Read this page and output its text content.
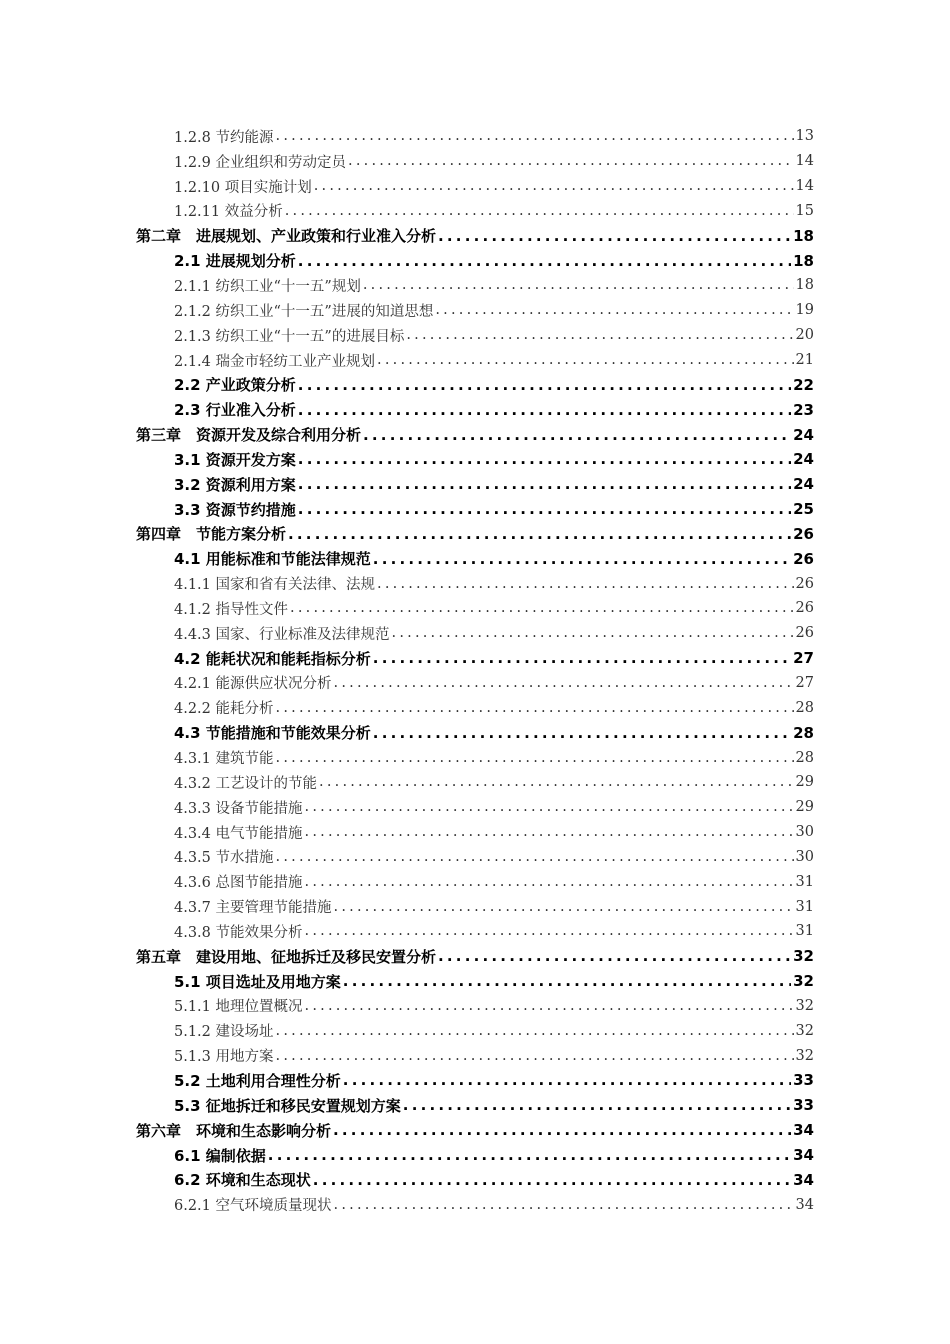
1.2.8 节约能源 .....	13
1.2.9 企业组织和劳动定员 .....	14
1.2.10 项目实施计划 .....	14
1.2.11 效益分析 .....	15
第二章　进展规划、产业政策和行业准入分析 .....	18
2.1 进展规划分析 .....	18
2.1.1 纺织工业“十一五”规划 .....	18
2.1.2 纺织工业“十一五”进展的知道思想 .....	19
2.1.3 纺织工业“十一五”的进展目标 .....	20
2.1.4 瑞金市轻纺工业产业规划 .....	21
2.2 产业政策分析 .....	22
2.3 行业准入分析 .....	23
第三章　资源开发及综合利用分析 .....	24
3.1 资源开发方案 .....	24
3.2 资源利用方案 .....	24
3.3 资源节约措施 .....	25
第四章　节能方案分析 .....	26
4.1 用能标准和节能法律规范 .....	26
4.1.1 国家和省有关法律、法规 .....	26
4.1.2 指导性文件 .....	26
4.4.3 国家、行业标准及法律规范 .....	26
4.2 能耗状况和能耗指标分析 .....	27
4.2.1 能源供应状况分析 .....	27
4.2.2 能耗分析 .....	28
4.3 节能措施和节能效果分析 .....	28
4.3.1 建筑节能 .....	28
4.3.2 工艺设计的节能 .....	29
4.3.3 设备节能措施 .....	29
4.3.4 电气节能措施 .....	30
4.3.5 节水措施 .....	30
4.3.6 总图节能措施 .....	31
4.3.7 主要管理节能措施 .....	31
4.3.8 节能效果分析 .....	31
第五章　建设用地、征地拆迁及移民安置分析 .....	32
5.1 项目选址及用地方案 .....	32
5.1.1 地理位置概况 .....	32
5.1.2 建设场址 .....	32
5.1.3 用地方案 .....	32
5.2 土地利用合理性分析 .....	33
5.3 征地拆迁和移民安置规划方案 .....	33
第六章　环境和生态影响分析 .....	34
6.1 编制依据 .....	34
6.2 环境和生态现状 .....	34
6.2.1 空气环境质量现状 .....	34
